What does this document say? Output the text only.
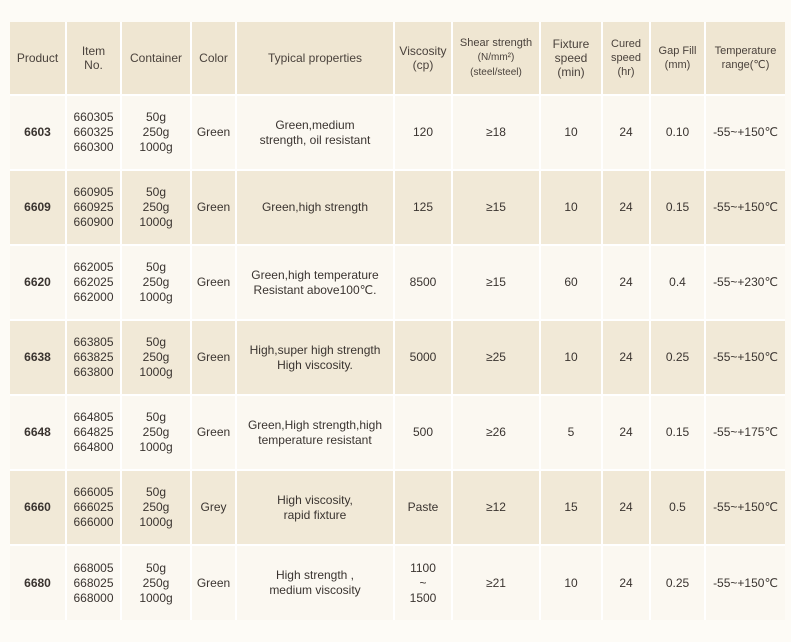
Product	Item
No.	Container	Color	Typical properties	Viscosity
(cp)	Shear strength
(N/mm²)
(steel/steel)	Fixture
speed
(min)	Cured
speed
(hr)	Gap Fill
(mm)	Temperature
range(℃)

6603	660305
660325
660300	50g
250g
1000g	Green	Green,medium
strength, oil resistant	120	≥18	10	24	0.10	-55~+150℃

6609	660905
660925
660900	50g
250g
1000g	Green	Green,high strength	125	≥15	10	24	0.15	-55~+150℃

6620	662005
662025
662000	50g
250g
1000g	Green	Green,high temperature
Resistant above100℃.	8500	≥15	60	24	0.4	-55~+230℃

6638	663805
663825
663800	50g
250g
1000g	Green	High,super high strength
High viscosity.	5000	≥25	10	24	0.25	-55~+150℃

6648	664805
664825
664800	50g
250g
1000g	Green	Green,High strength,high
temperature resistant	500	≥26	5	24	0.15	-55~+175℃

6660	666005
666025
666000	50g
250g
1000g	Grey	High viscosity,
rapid fixture	Paste	≥12	15	24	0.5	-55~+150℃

6680	668005
668025
668000	50g
250g
1000g	Green	High strength ,
medium viscosity	1100
~
1500	≥21	10	24	0.25	-55~+150℃
